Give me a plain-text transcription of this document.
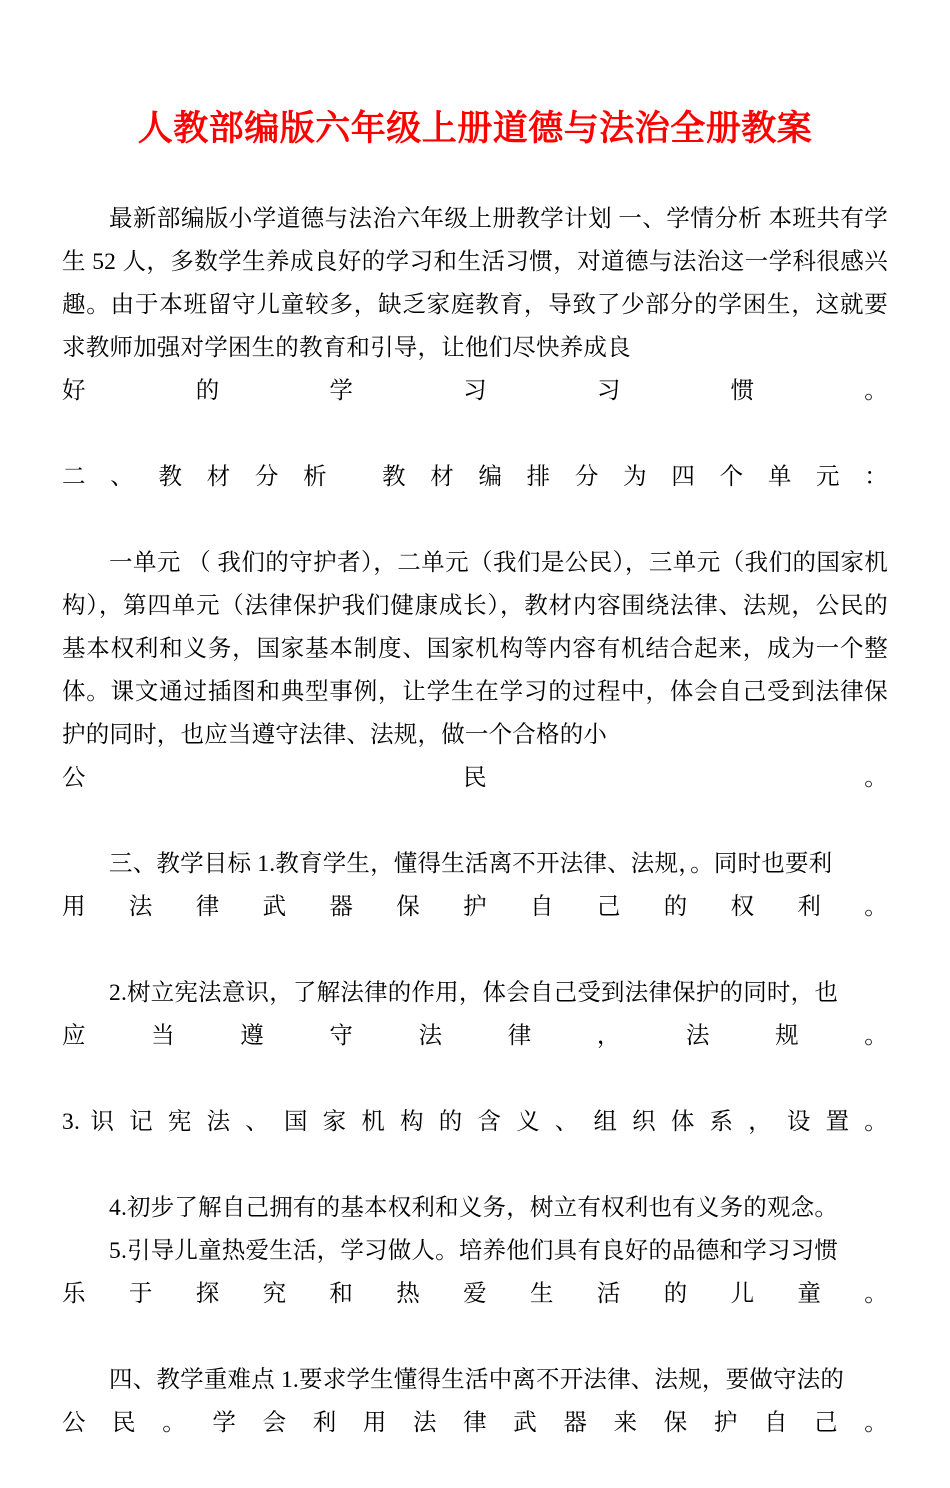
人教部编版六年级上册道德与法治全册教案

最新部编版小学道德与法治六年级上册教学计划 一、学情分析 本班共有学生 52 人，多数学生养成良好的学习和生活习惯，对道德与法治这一学科很感兴趣。由于本班留守儿童较多，缺乏家庭教育，导致了少部分的学困生，这就要求教师加强对学困生的教育和引导，让他们尽快养成良

好的学习习惯。

二、教材分析 教材编排分为四个单元：

一单元 （ 我们的守护者），二单元（我们是公民），三单元（我们的国家机构），第四单元（法律保护我们健康成长），教材内容围绕法律、法规，公民的基本权利和义务，国家基本制度、国家机构等内容有机结合起来，成为一个整体。课文通过插图和典型事例，让学生在学习的过程中，体会自己受到法律保护的同时，也应当遵守法律、法规，做一个合格的小

公民。

三、教学目标 1.教育学生，懂得生活离不开法律、法规，。同时也要利

用法律武器保护自己的权利。

2.树立宪法意识，了解法律的作用，体会自己受到法律保护的同时，也

应当遵守法律，法规。

3. 识 记 宪 法 、 国 家 机 构 的 含 义 、 组 织 体 系 ， 设 置 。

4.初步了解自己拥有的基本权利和义务，树立有权利也有义务的观念。

5.引导儿童热爱生活，学习做人。培养他们具有良好的品德和学习习惯

乐于探究和热爱生活的儿童。

四、教学重难点 1.要求学生懂得生活中离不开法律、法规，要做守法的

公 民 。 学 会 利 用 法 律 武 器 来 保 护 自 己 。
